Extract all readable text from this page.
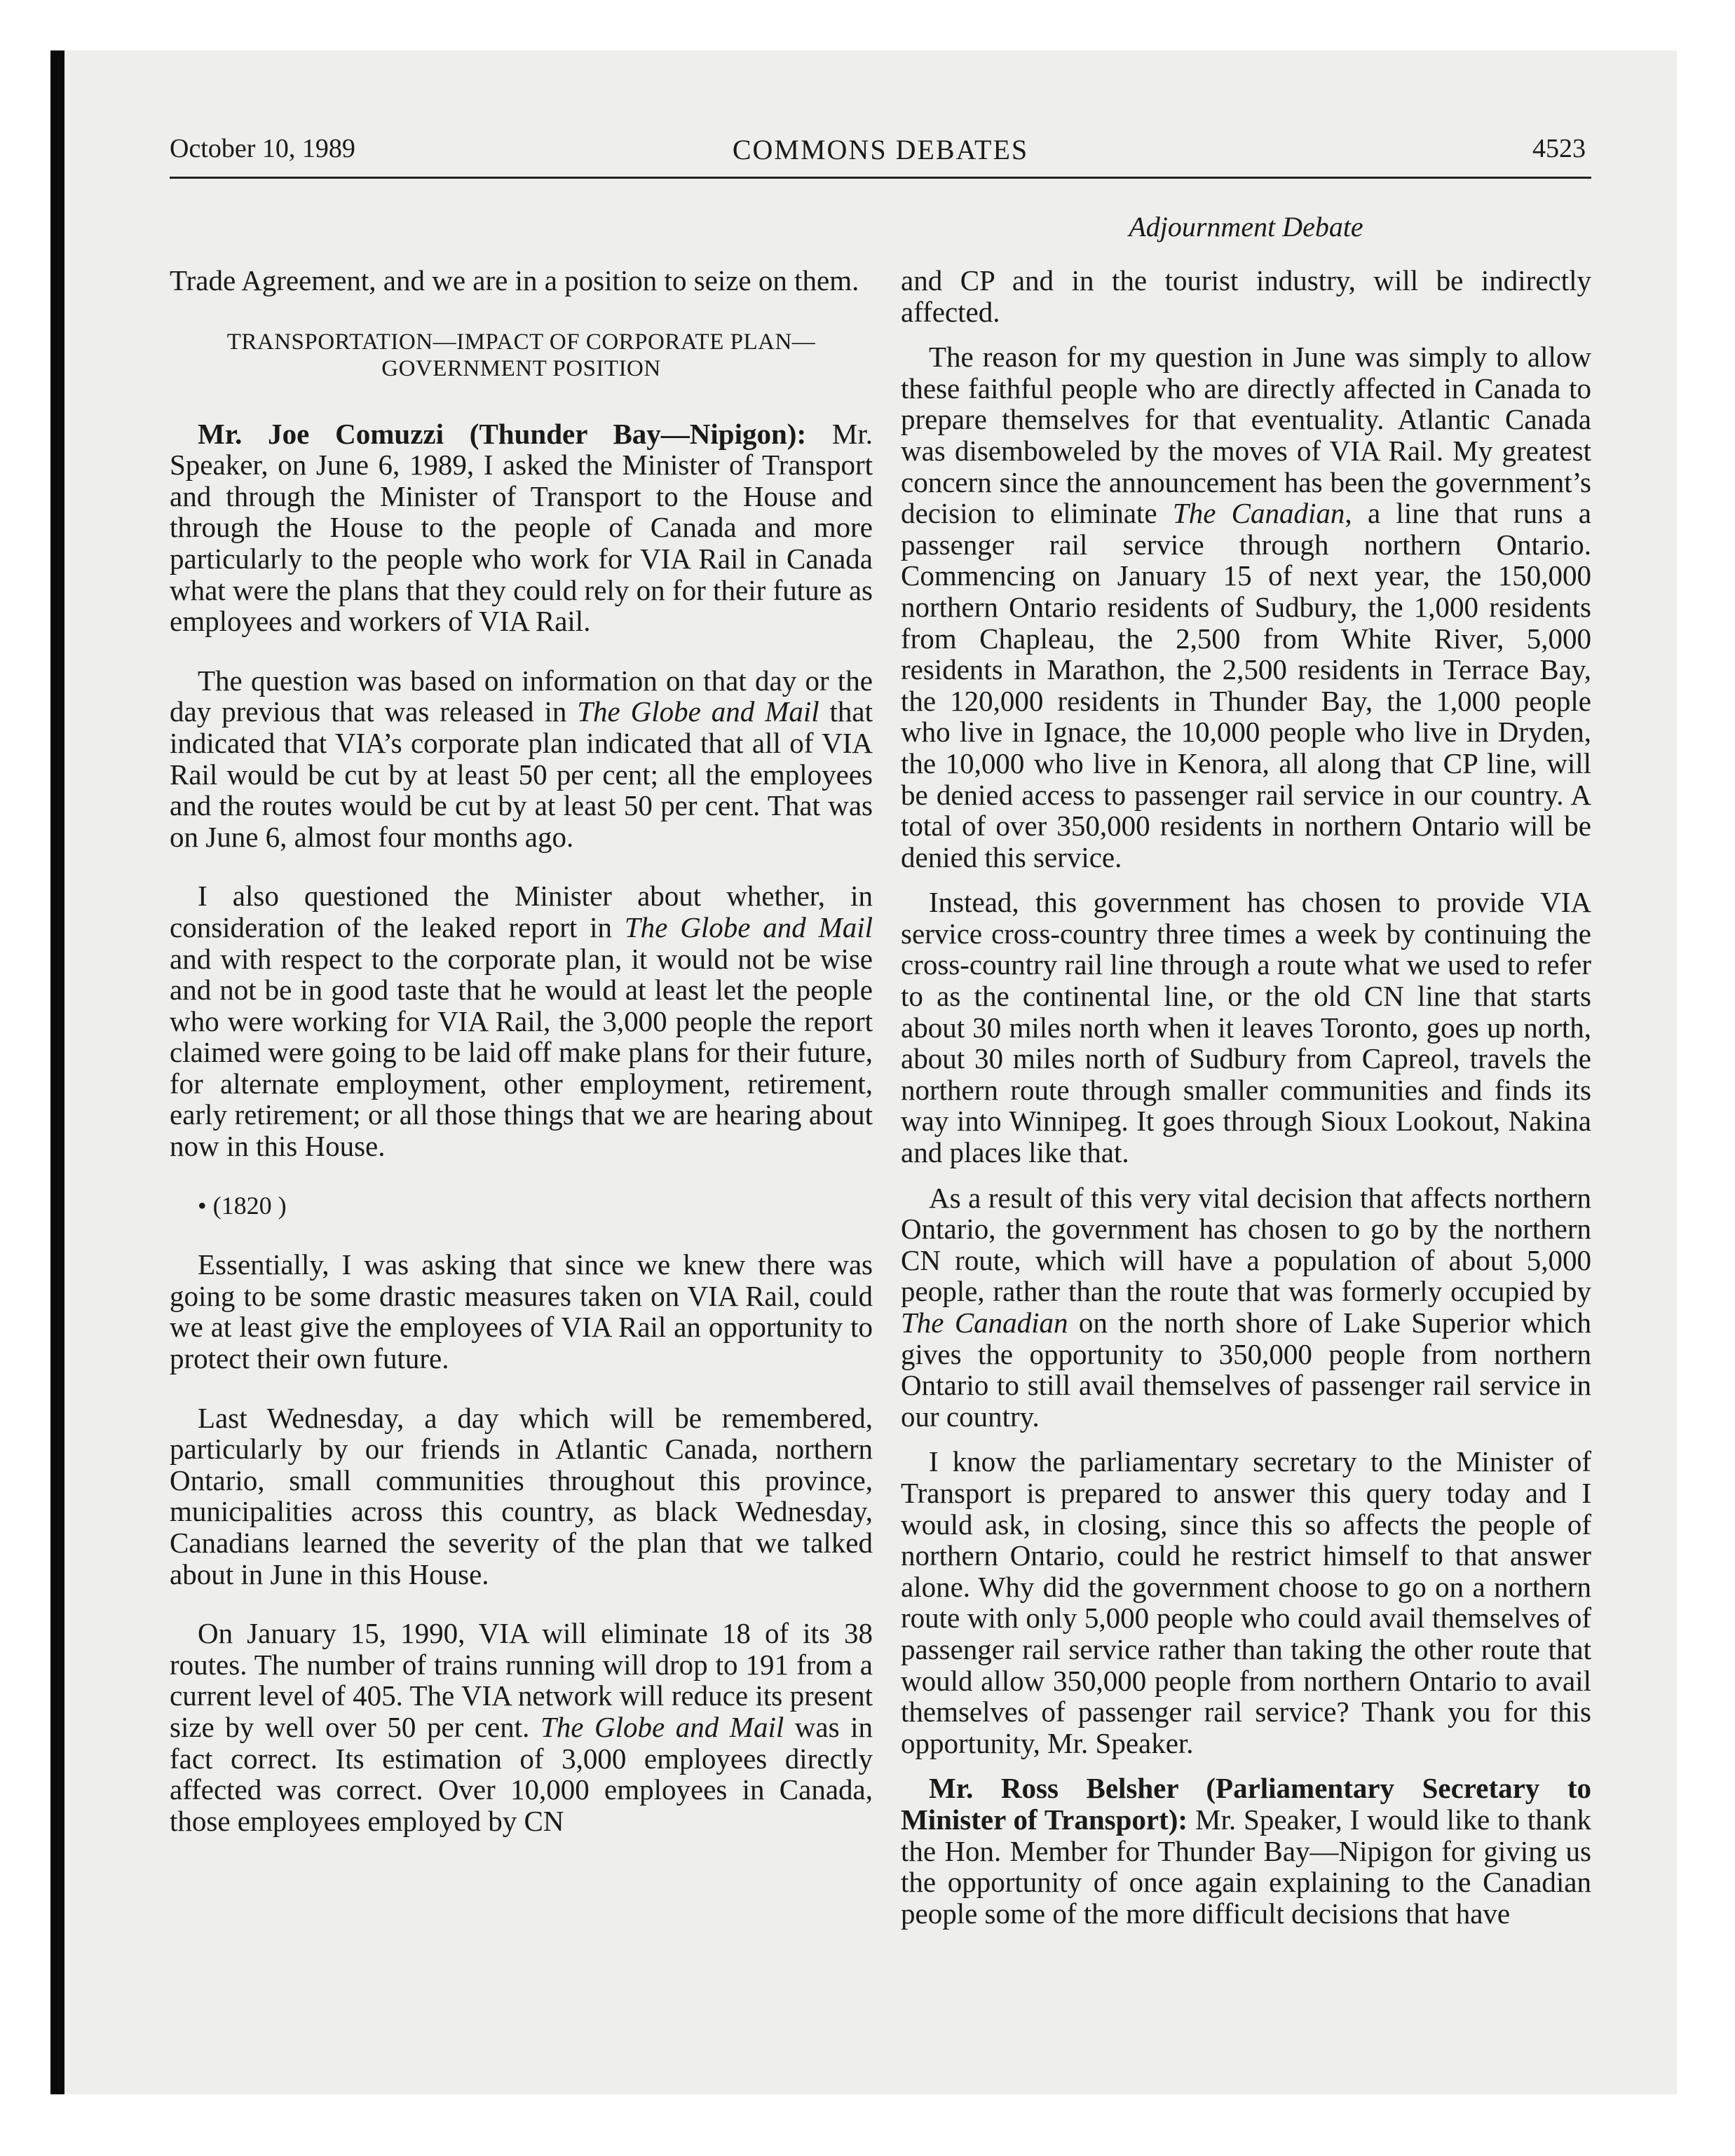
October 10, 1989	COMMONS DEBATES	4523
Adjournment Debate

Trade Agreement, and we are in a position to seize on them.

TRANSPORTATION—IMPACT OF CORPORATE PLAN—GOVERNMENT POSITION

Mr. Joe Comuzzi (Thunder Bay—Nipigon): Mr. Speaker, on June 6, 1989, I asked the Minister of Transport and through the Minister of Transport to the House and through the House to the people of Canada and more particularly to the people who work for VIA Rail in Canada what were the plans that they could rely on for their future as employees and workers of VIA Rail.

The question was based on information on that day or the day previous that was released in The Globe and Mail that indicated that VIA’s corporate plan indicated that all of VIA Rail would be cut by at least 50 per cent; all the employees and the routes would be cut by at least 50 per cent. That was on June 6, almost four months ago.

I also questioned the Minister about whether, in consideration of the leaked report in The Globe and Mail and with respect to the corporate plan, it would not be wise and not be in good taste that he would at least let the people who were working for VIA Rail, the 3,000 people the report claimed were going to be laid off make plans for their future, for alternate employment, other employment, retirement, early retirement; or all those things that we are hearing about now in this House.

• (1820 )

Essentially, I was asking that since we knew there was going to be some drastic measures taken on VIA Rail, could we at least give the employees of VIA Rail an opportunity to protect their own future.

Last Wednesday, a day which will be remembered, particularly by our friends in Atlantic Canada, northern Ontario, small communities throughout this province, municipalities across this country, as black Wednesday, Canadians learned the severity of the plan that we talked about in June in this House.

On January 15, 1990, VIA will eliminate 18 of its 38 routes. The number of trains running will drop to 191 from a current level of 405. The VIA network will reduce its present size by well over 50 per cent. The Globe and Mail was in fact correct. Its estimation of 3,000 employees directly affected was correct. Over 10,000 employees in Canada, those employees employed by CN

and CP and in the tourist industry, will be indirectly affected.

The reason for my question in June was simply to allow these faithful people who are directly affected in Canada to prepare themselves for that eventuality. Atlantic Canada was disemboweled by the moves of VIA Rail. My greatest concern since the announcement has been the government’s decision to eliminate The Canadian, a line that runs a passenger rail service through northern Ontario. Commencing on January 15 of next year, the 150,000 northern Ontario residents of Sudbury, the 1,000 residents from Chapleau, the 2,500 from White River, 5,000 residents in Marathon, the 2,500 residents in Terrace Bay, the 120,000 residents in Thunder Bay, the 1,000 people who live in Ignace, the 10,000 people who live in Dryden, the 10,000 who live in Kenora, all along that CP line, will be denied access to passenger rail service in our country. A total of over 350,000 residents in northern Ontario will be denied this service.

Instead, this government has chosen to provide VIA service cross-country three times a week by continuing the cross-country rail line through a route what we used to refer to as the continental line, or the old CN line that starts about 30 miles north when it leaves Toronto, goes up north, about 30 miles north of Sudbury from Capreol, travels the northern route through smaller communities and finds its way into Winnipeg. It goes through Sioux Lookout, Nakina and places like that.

As a result of this very vital decision that affects northern Ontario, the government has chosen to go by the northern CN route, which will have a population of about 5,000 people, rather than the route that was formerly occupied by The Canadian on the north shore of Lake Superior which gives the opportunity to 350,000 people from northern Ontario to still avail themselves of passenger rail service in our country.

I know the parliamentary secretary to the Minister of Transport is prepared to answer this query today and I would ask, in closing, since this so affects the people of northern Ontario, could he restrict himself to that answer alone. Why did the government choose to go on a northern route with only 5,000 people who could avail themselves of passenger rail service rather than taking the other route that would allow 350,000 people from northern Ontario to avail themselves of passenger rail service? Thank you for this opportunity, Mr. Speaker.

Mr. Ross Belsher (Parliamentary Secretary to Minister of Transport): Mr. Speaker, I would like to thank the Hon. Member for Thunder Bay—Nipigon for giving us the opportunity of once again explaining to the Canadian people some of the more difficult decisions that have
